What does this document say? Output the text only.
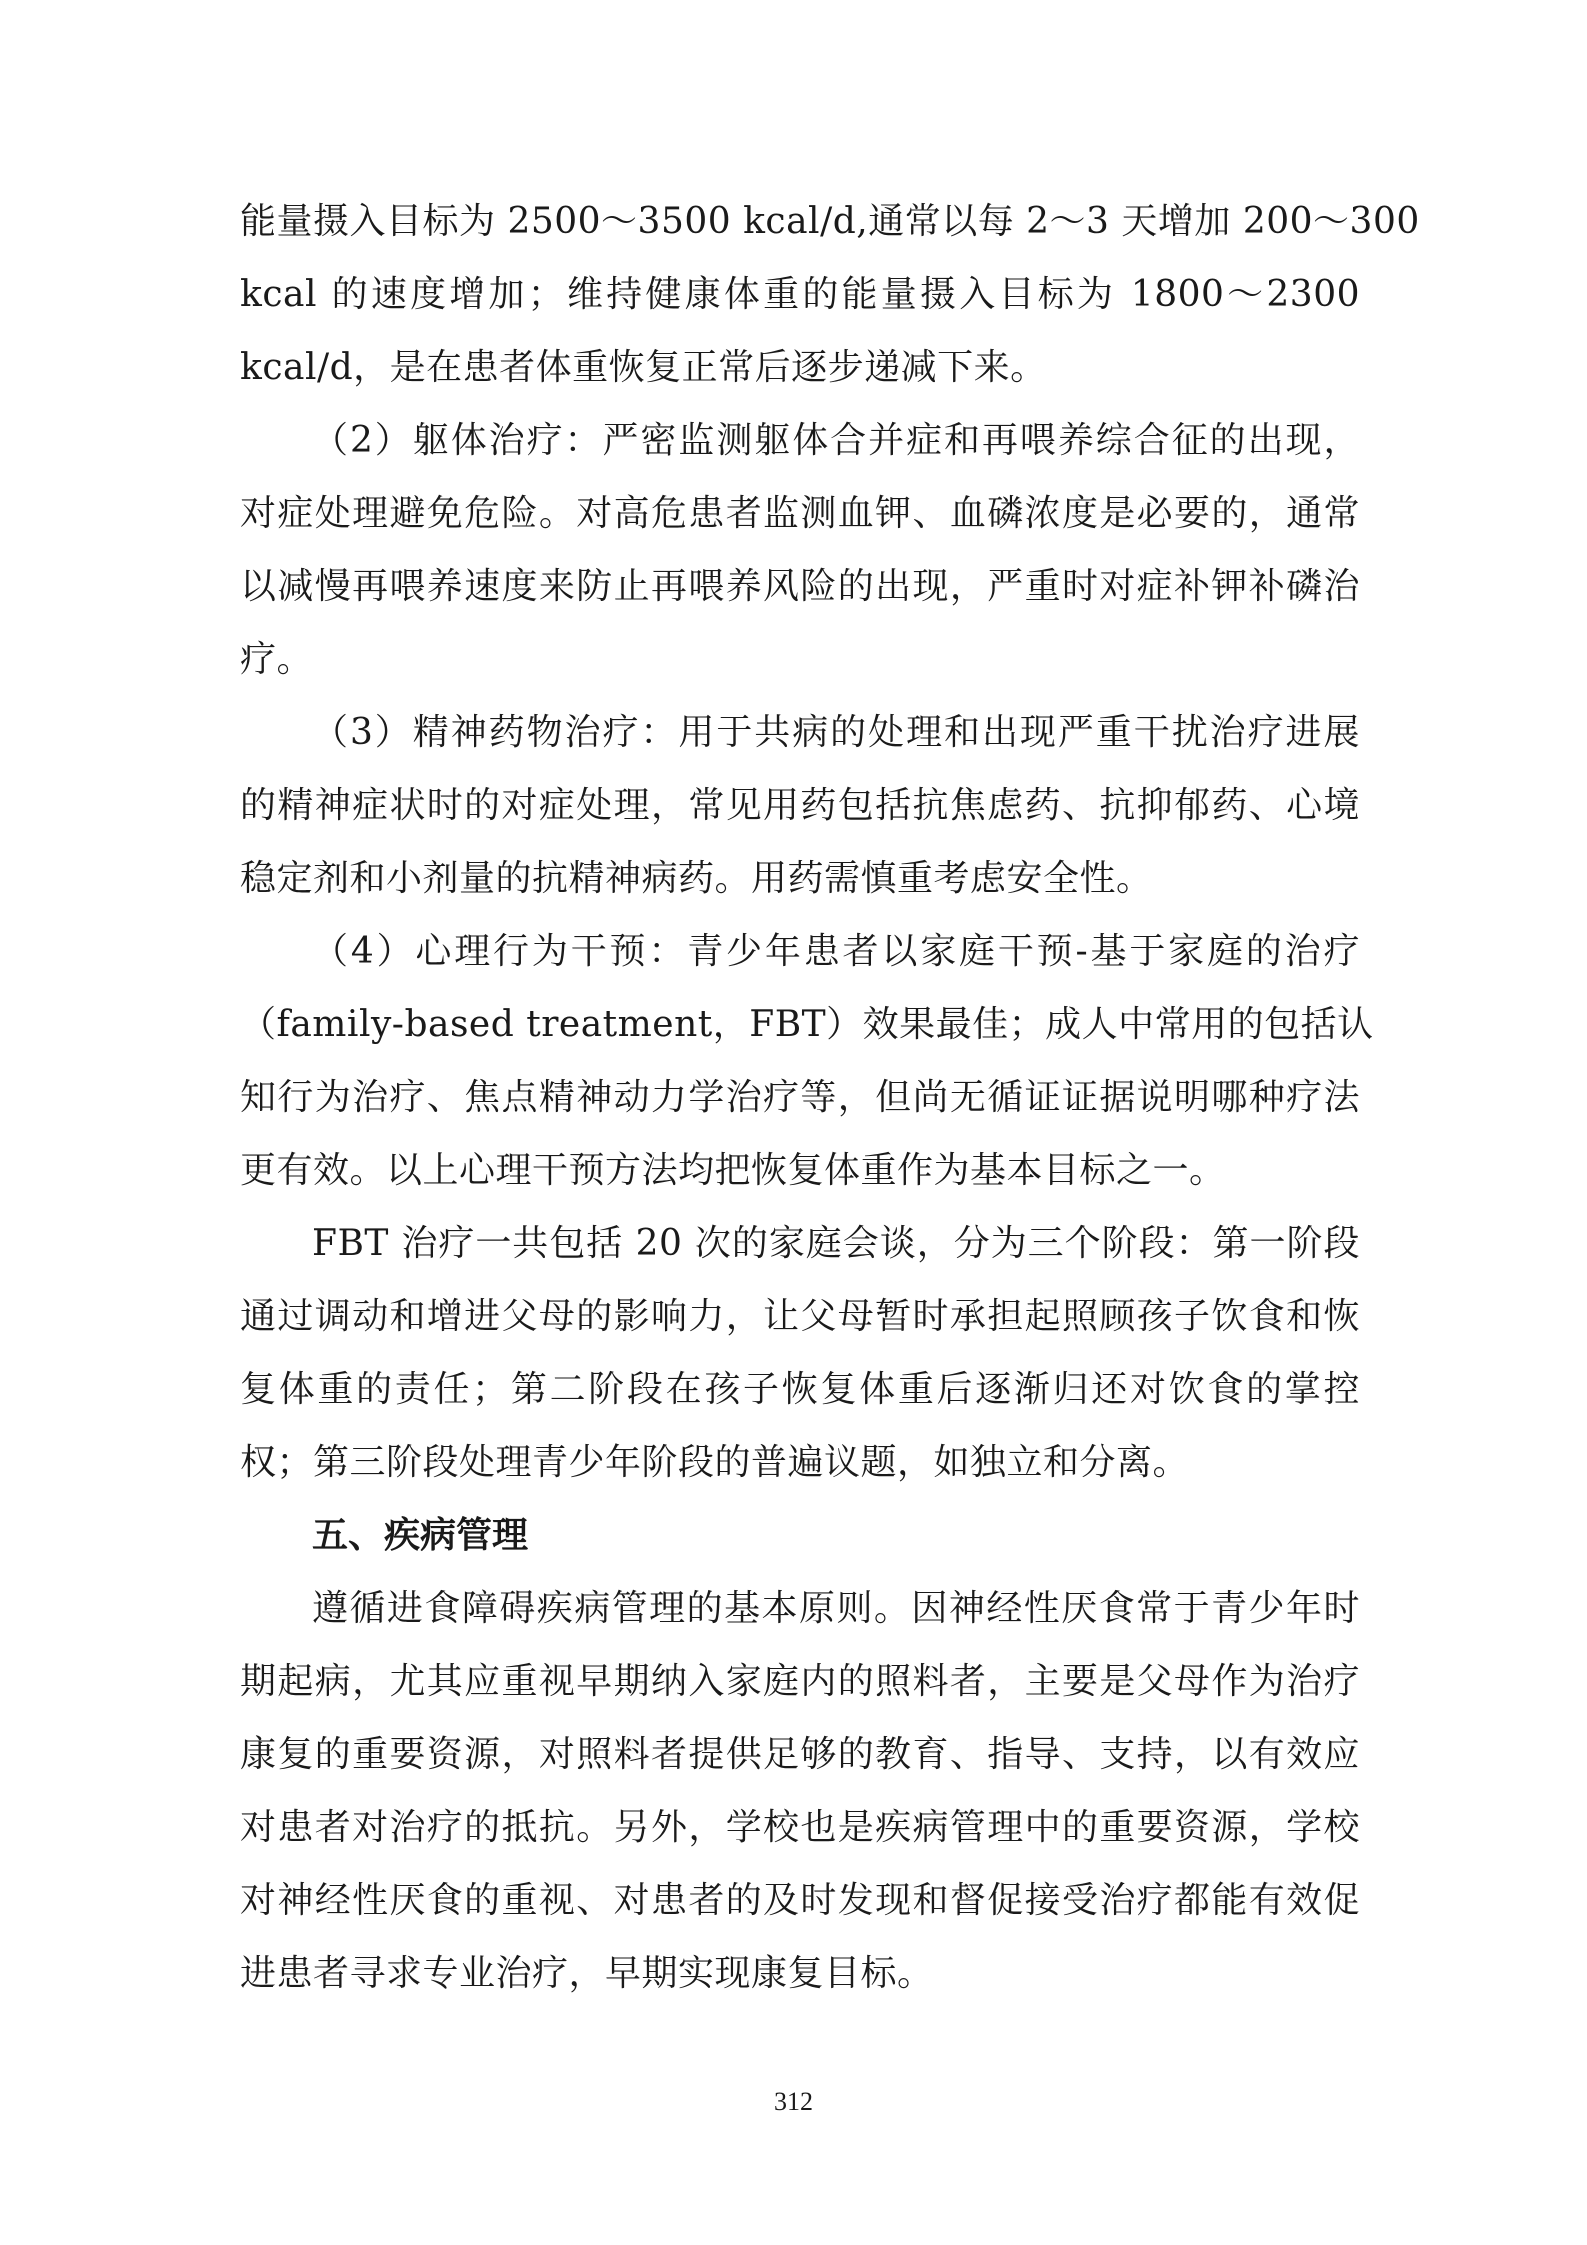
能量摄入目标为 2500～3500 kcal/d,通常以每 2～3 天增加 200～300
kcal 的速度增加；维持健康体重的能量摄入目标为 1800～2300
kcal/d，是在患者体重恢复正常后逐步递减下来。
（2）躯体治疗：严密监测躯体合并症和再喂养综合征的出现，
对症处理避免危险。对高危患者监测血钾、血磷浓度是必要的，通常
以减慢再喂养速度来防止再喂养风险的出现，严重时对症补钾补磷治
疗。
（3）精神药物治疗：用于共病的处理和出现严重干扰治疗进展
的精神症状时的对症处理，常见用药包括抗焦虑药、抗抑郁药、心境
稳定剂和小剂量的抗精神病药。用药需慎重考虑安全性。
（4）心理行为干预：青少年患者以家庭干预-基于家庭的治疗
（family-based treatment，FBT）效果最佳；成人中常用的包括认
知行为治疗、焦点精神动力学治疗等，但尚无循证证据说明哪种疗法
更有效。以上心理干预方法均把恢复体重作为基本目标之一。
FBT 治疗一共包括 20 次的家庭会谈，分为三个阶段：第一阶段
通过调动和增进父母的影响力，让父母暂时承担起照顾孩子饮食和恢
复体重的责任；第二阶段在孩子恢复体重后逐渐归还对饮食的掌控
权；第三阶段处理青少年阶段的普遍议题，如独立和分离。
五、疾病管理
遵循进食障碍疾病管理的基本原则。因神经性厌食常于青少年时
期起病，尤其应重视早期纳入家庭内的照料者，主要是父母作为治疗
康复的重要资源，对照料者提供足够的教育、指导、支持，以有效应
对患者对治疗的抵抗。另外，学校也是疾病管理中的重要资源，学校
对神经性厌食的重视、对患者的及时发现和督促接受治疗都能有效促
进患者寻求专业治疗，早期实现康复目标。
312
